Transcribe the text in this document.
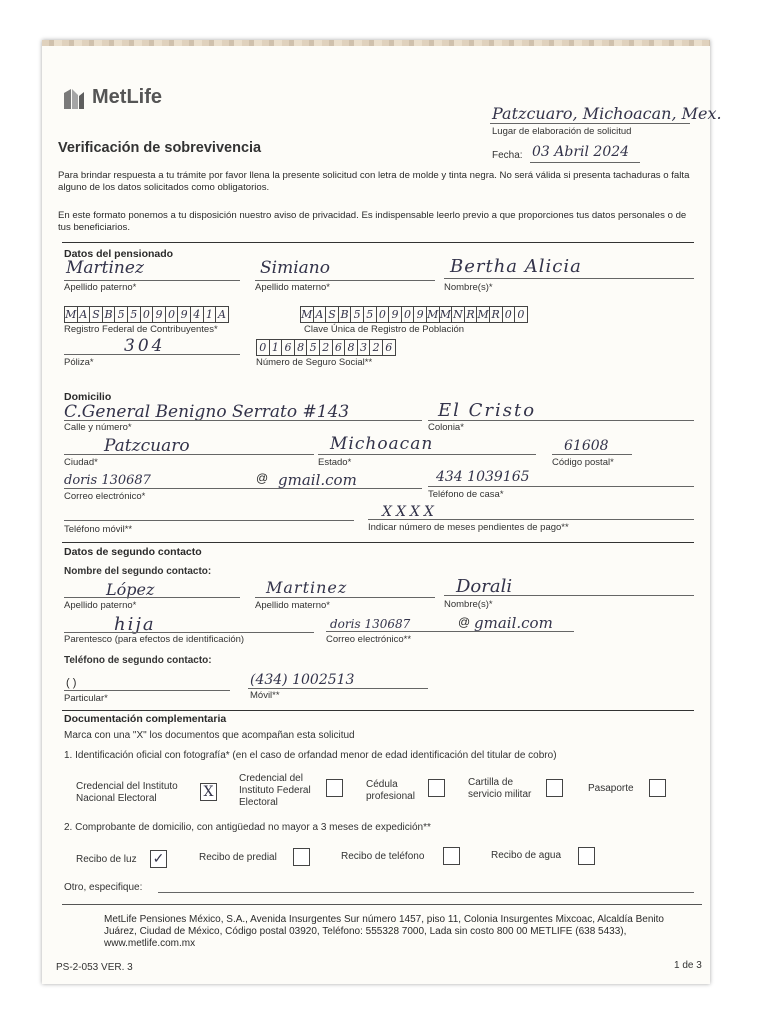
MetLife
Patzcuaro, Michoacan, Mex.
Lugar de elaboración de solicitud
Fecha: 03 Abril 2024
Verificación de sobrevivencia
Para brindar respuesta a tu trámite por favor llena la presente solicitud con letra de molde y tinta negra. No será válida si presenta tachaduras o falta alguno de los datos solicitados como obligatorios.
En este formato ponemos a tu disposición nuestro aviso de privacidad. Es indispensable leerlo previo a que proporciones tus datos personales o de tus beneficiarios.
Datos del pensionado
Martinez
Apellido paterno*
Simiano
Apellido materno*
Bertha Alicia
Nombre(s)*
M A S B 5 5 0 9 0 9 4 1 A
Registro Federal de Contribuyentes*
M A S B 5 5 0 9 0 9 M M N R M R 0 0
Clave Única de Registro de Población
304
Póliza*
0 1 6 8 5 2 6 8 3 2 6
Número de Seguro Social**
Domicilio
C.General Benigno Serrato #143
Calle y número*
El Cristo
Colonia*
Patzcuaro
Ciudad*
Michoacan
Estado*
61608
Código postal*
doris 130687	@ gmail.com
Correo electrónico*
434 1039165
Teléfono de casa*
Teléfono móvil**
XXXX
Indicar número de meses pendientes de pago**
Datos de segundo contacto
Nombre del segundo contacto:
López
Apellido paterno*
Martinez
Apellido materno*
Dorali
Nombre(s)*
hija
Parentesco (para efectos de identificación)
doris 130687	@ gmail.com
Correo electrónico**
Teléfono de segundo contacto:
( )
Particular*
(434) 1002513
Móvil**
Documentación complementaria
Marca con una "X" los documentos que acompañan esta solicitud
1. Identificación oficial con fotografía* (en el caso de orfandad menor de edad identificación del titular de cobro)
Credencial del Instituto Nacional Electoral	X
Credencial del Instituto Federal Electoral
Cédula profesional
Cartilla de servicio militar
Pasaporte
2. Comprobante de domicilio, con antigüedad no mayor a 3 meses de expedición**
Recibo de luz ✓	Recibo de predial	Recibo de teléfono	Recibo de agua
Otro, especifique:
MetLife Pensiones México, S.A., Avenida Insurgentes Sur número 1457, piso 11, Colonia Insurgentes Mixcoac, Alcaldía Benito Juárez, Ciudad de México, Código postal 03920, Teléfono: 555328 7000, Lada sin costo 800 00 METLIFE (638 5433), www.metlife.com.mx
PS-2-053 VER. 3	1 de 3
